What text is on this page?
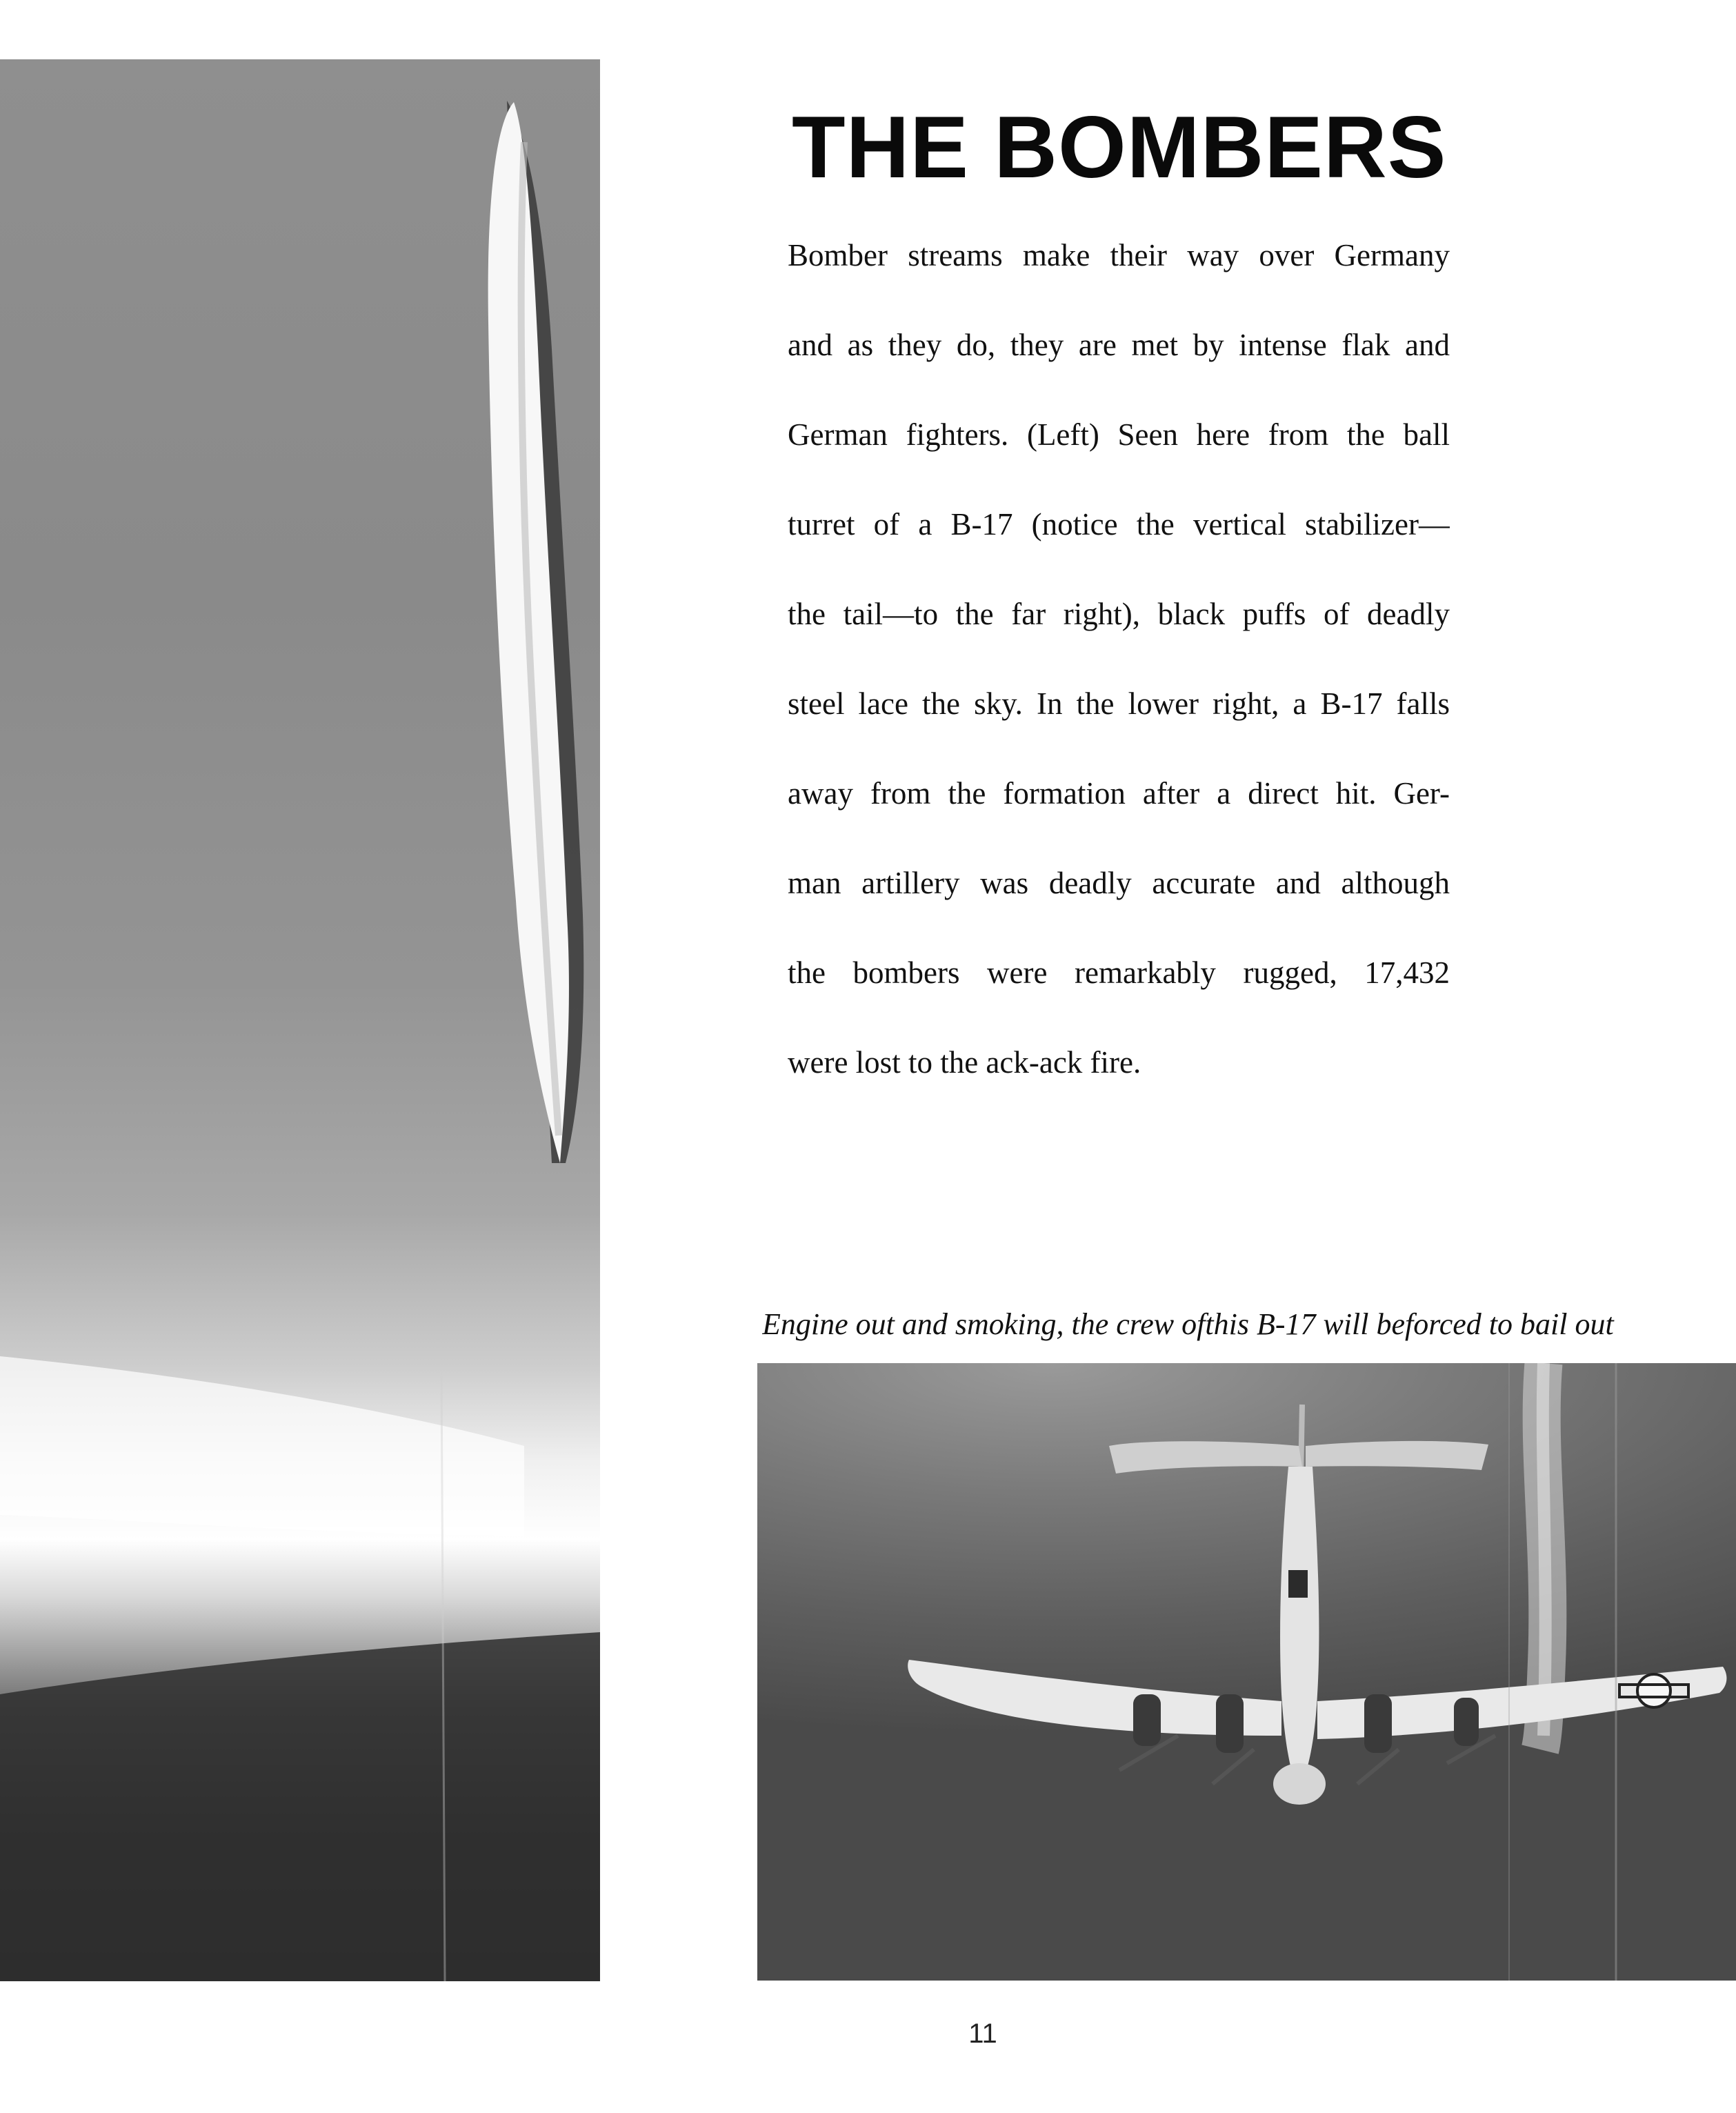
THE BOMBERS
Bomber streams make their way over Germany
and as they do, they are met by intense flak and
German fighters. (Left) Seen here from the ball
turret of a B-17 (notice the vertical stabilizer—
the tail—to the far right), black puffs of deadly
steel lace the sky. In the lower right, a B-17 falls
away from the formation after a direct hit. Ger-
man artillery was deadly accurate and although
the bombers were remarkably rugged, 17,432
were lost to the ack-ack fire.
Engine out and smoking, the crew ofthis B-17 will beforced to bail out
11
